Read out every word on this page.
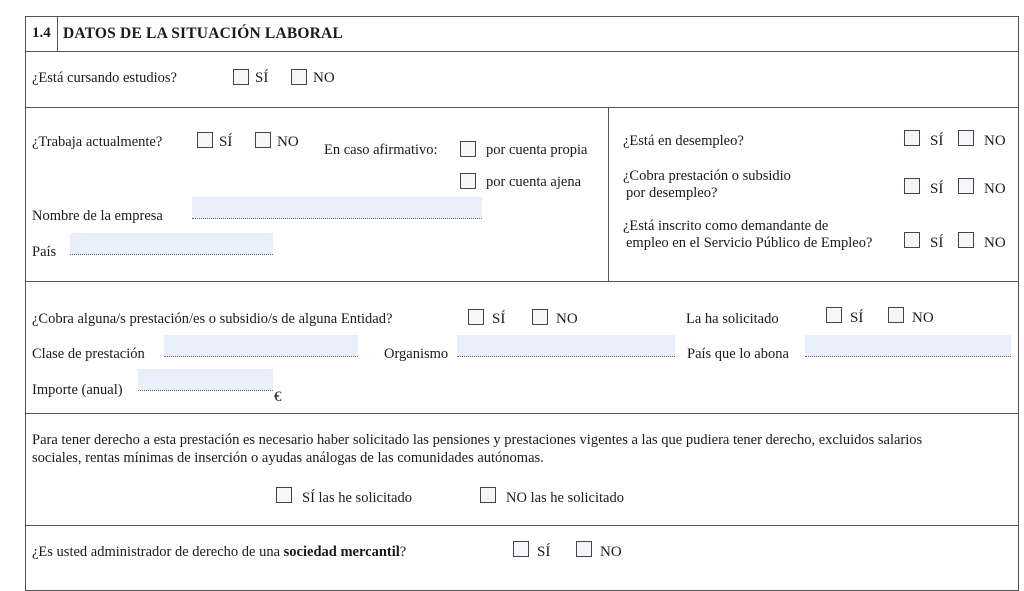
1.4 DATOS DE LA SITUACIÓN LABORAL
¿Está cursando estudios?	SÍ	NO
¿Trabaja actualmente?	SÍ	NO En caso afirmativo:	por cuenta propia
por cuenta ajena
Nombre de la empresa
País
¿Está en desempleo?	SÍ	NO
¿Cobra prestación o subsidio
por desempleo?	SÍ	NO
¿Está inscrito como demandante de
empleo en el Servicio Público de Empleo?	SÍ	NO
¿Cobra alguna/s prestación/es o subsidio/s de alguna Entidad?	SÍ	NO	La ha solicitado	SÍ	NO
Clase de prestación	Organismo	País que lo abona
Importe (anual)	€
Para tener derecho a esta prestación es necesario haber solicitado las pensiones y prestaciones vigentes a las que pudiera tener derecho, excluidos salarios
sociales, rentas mínimas de inserción o ayudas análogas de las comunidades autónomas.
SÍ las he solicitado	NO las he solicitado
¿Es usted administrador de derecho de una sociedad mercantil?	SÍ	NO
